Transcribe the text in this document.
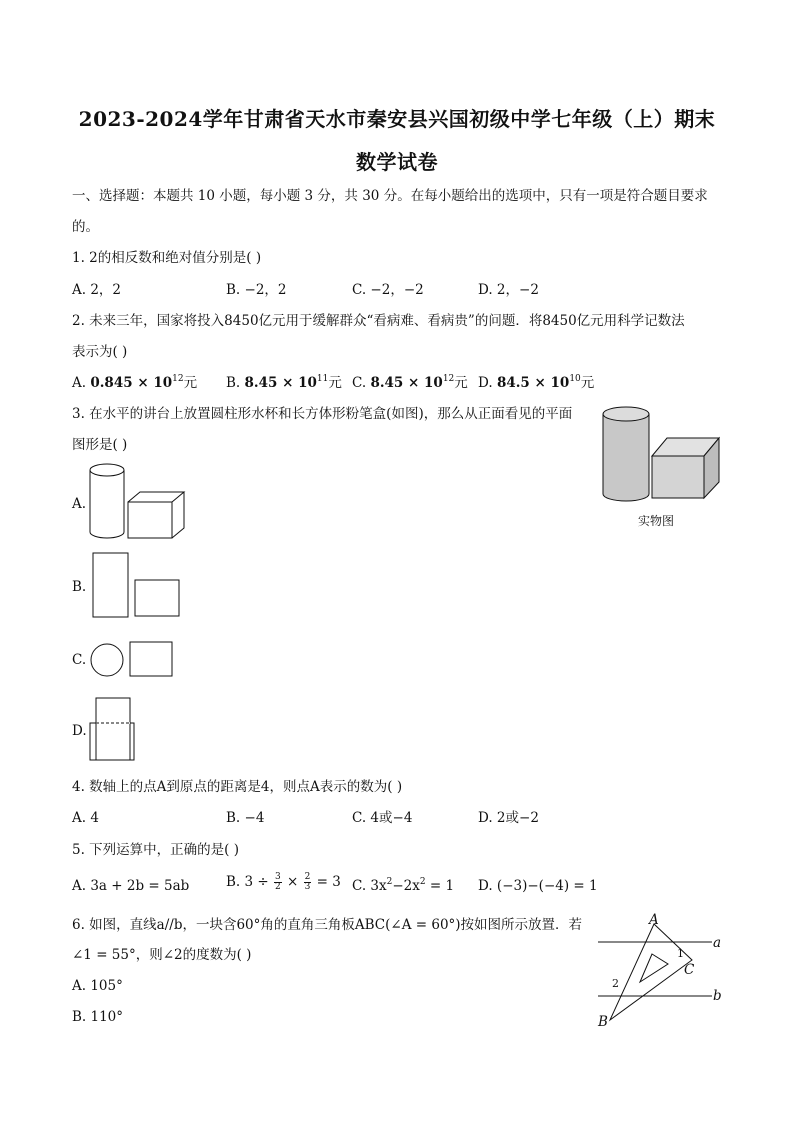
2023-2024学年甘肃省天水市秦安县兴国初级中学七年级（上）期末
数学试卷
一、选择题：本题共 10 小题，每小题 3 分，共 30 分。在每小题给出的选项中，只有一项是符合题目要求
的。
1. 2的相反数和绝对值分别是( )
A. 2，2	B. −2，2	C. −2，−2	D. 2，−2
2. 未来三年，国家将投入8450亿元用于缓解群众“看病难、看病贵”的问题．将8450亿元用科学记数法
表示为( )
A. $0.845 \times 10^{12}$元 B. $8.45 \times 10^{11}$元 C. $8.45 \times 10^{12}$元 D. $84.5 \times 10^{10}$元
3. 在水平的讲台上放置圆柱形水杯和长方体形粉笔盒(如图)，那么从正面看见的平面
图形是( )
实物图
A.
B.
C.
D.
4. 数轴上的点A到原点的距离是4，则点A表示的数为( )
A. 4	B. −4	C. 4或−4	D. 2或−2
5. 下列运算中，正确的是( )
A. 3a + 2b = 5ab	B. $3 \div \frac{3}{2} \times \frac{2}{3} = 3$ C. $3x^2-2x^2 = 1$ D. (−3)−(−4) = 1
6. 如图，直线a//b，一块含60°角的直角三角板ABC(∠A = 60°)按如图所示放置．若
∠1 = 55°，则∠2的度数为( )
A. 105°
B. 110°
A
a
1
C
2
b
B
